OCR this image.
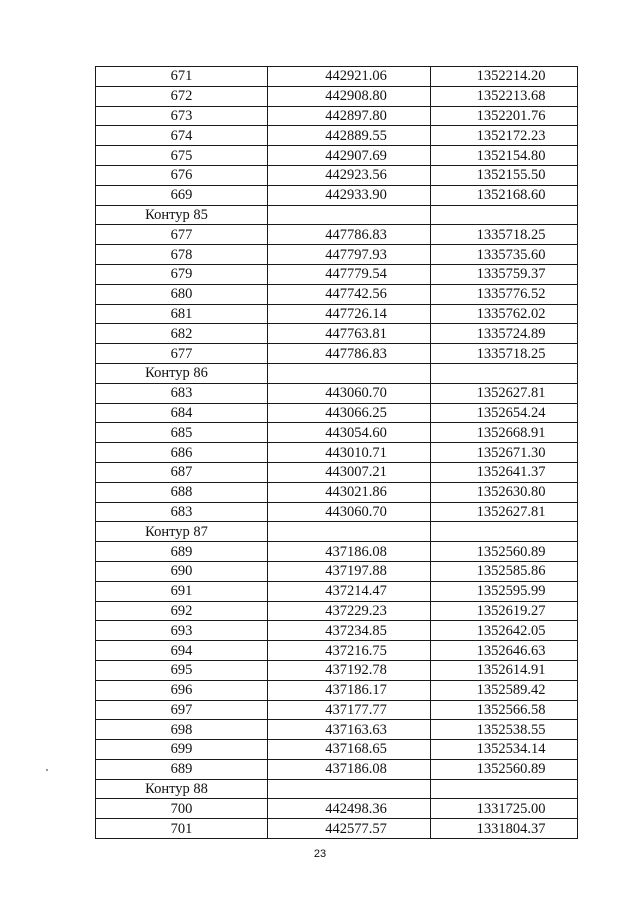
671	442921.06	1352214.20
672	442908.80	1352213.68
673	442897.80	1352201.76
674	442889.55	1352172.23
675	442907.69	1352154.80
676	442923.56	1352155.50
669	442933.90	1352168.60
Контур 85		
677	447786.83	1335718.25
678	447797.93	1335735.60
679	447779.54	1335759.37
680	447742.56	1335776.52
681	447726.14	1335762.02
682	447763.81	1335724.89
677	447786.83	1335718.25
Контур 86		
683	443060.70	1352627.81
684	443066.25	1352654.24
685	443054.60	1352668.91
686	443010.71	1352671.30
687	443007.21	1352641.37
688	443021.86	1352630.80
683	443060.70	1352627.81
Контур 87		
689	437186.08	1352560.89
690	437197.88	1352585.86
691	437214.47	1352595.99
692	437229.23	1352619.27
693	437234.85	1352642.05
694	437216.75	1352646.63
695	437192.78	1352614.91
696	437186.17	1352589.42
697	437177.77	1352566.58
698	437163.63	1352538.55
699	437168.65	1352534.14
689	437186.08	1352560.89
Контур 88		
700	442498.36	1331725.00
701	442577.57	1331804.37
23
